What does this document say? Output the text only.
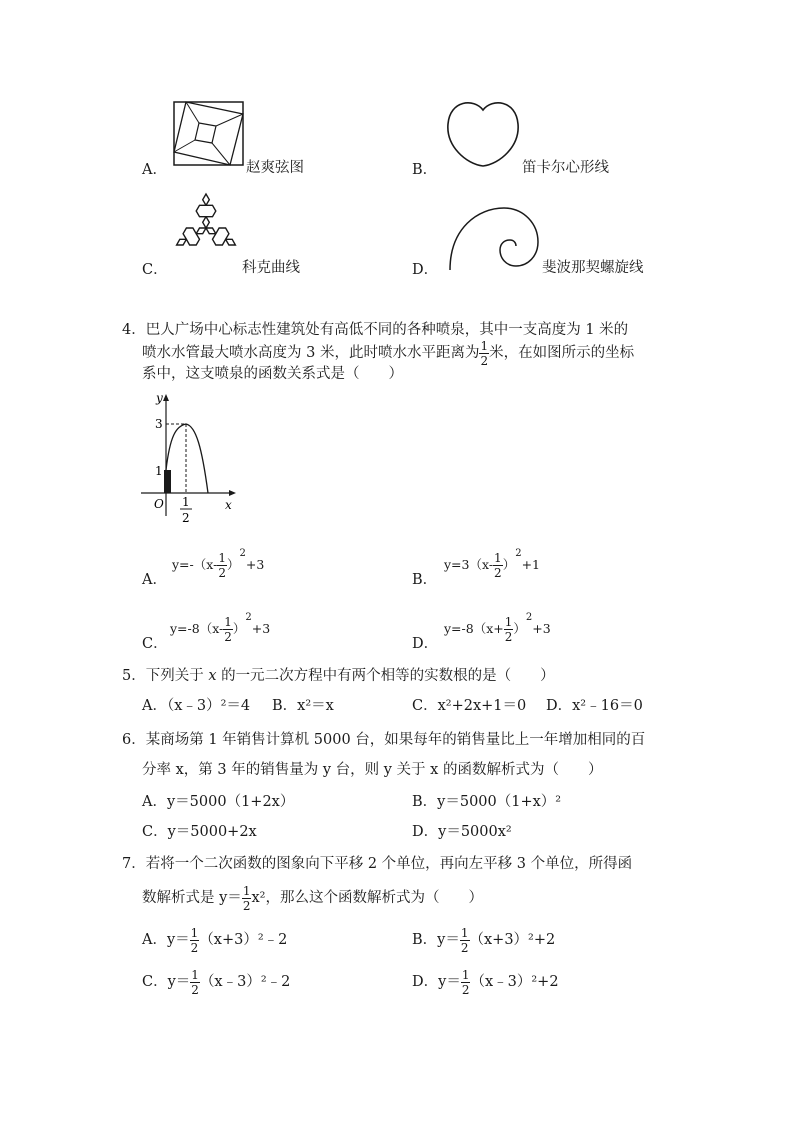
A．	赵爽弦图	B．	笛卡尔心形线
C．	科克曲线	D．	斐波那契螺旋线
4．巴人广场中心标志性建筑处有高低不同的各种喷泉，其中一支高度为 1 米的
喷水水管最大喷水高度为 3 米，此时喷水水平距离为 $\frac{1}{2}$ 米，在如图所示的坐标
系中，这支喷泉的函数关系式是（　　）
y
x
O
3
1
1
2
A．
$y=-(x- \frac{1}{2} )^2+3$
B．
$y=3(x- \frac{1}{2} )^2+1$
C．
$y=-8(x- \frac{1}{2} )^2+3$
D．
$y=-8(x+ \frac{1}{2} )^2+3$
5．下列关于 x 的一元二次方程中有两个相等的实数根的是（　　）
A．（x﹣3）²＝4 B．x²＝x	C．x²+2x+1＝0 D．x²﹣16＝0
6．某商场第 1 年销售计算机 5000 台，如果每年的销售量比上一年增加相同的百
分率 x，第 3 年的销售量为 y 台，则 y 关于 x 的函数解析式为（　　）
A．y＝5000（1+2x）	B．y＝5000（1+x）²
C．y＝5000+2x	D．y＝5000x²
7．若将一个二次函数的图象向下平移 2 个单位，再向左平移 3 个单位，所得函
数解析式是 $y= \frac{1}{2} x^2$，那么这个函数解析式为（　　）
A．$y= \frac{1}{2}$ （x+3）²﹣2	B．$y= \frac{1}{2} (x+3)^2+2$
C．$y= \frac{1}{2}$ （x﹣3）²﹣2	D．$y= \frac{1}{2}$ （x﹣3）²+2
